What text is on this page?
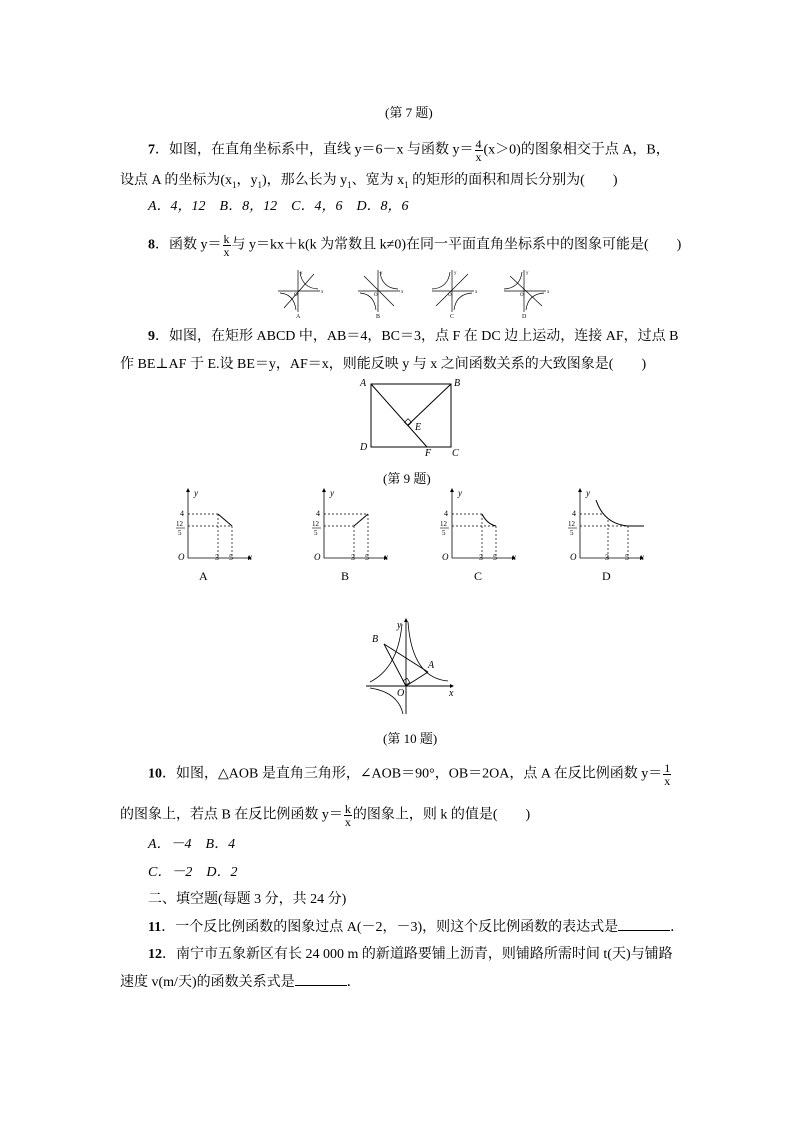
(第 7 题)
7．如图，在直角坐标系中，直线 y＝6－x 与函数 $y= \frac{4}{x} (x>0)$的图象相交于点 A，B，
设点 A 的坐标为($x_1$，$y_1$)，那么长为 $y_1$、宽为 $x_1$ 的矩形的面积和周长分别为(　　)
A．4，12　B．8，12　C．4，6　D．8，6
8．函数 $y= \frac{k}{x}$ 与 y＝kx＋k(k 为常数且 k≠0)在同一平面直角坐标系中的图象可能是(　　)
y
x
O
A
y
x
O
B
y
x
O
C
y
x
O
D
9．如图，在矩形 ABCD 中，AB＝4，BC＝3，点 F 在 DC 边上运动，连接 AF，过点 B
作 BE⊥AF 于 E.设 BE＝y，AF＝x，则能反映 y 与 x 之间函数关系的大致图象是(　　)
A	B
D
C
E
F
(第 9 题)
y
x
O
4
12
5
3 5
A
y
x
O
4
12
5
3 5
B
y
x
O
4
12
5
3 5
C
y
x
O
4
12
5
3 5
D
B
A
O	x
y
(第 10 题)
10．如图，△AOB 是直角三角形，∠AOB＝90°，OB＝2OA，点 A 在反比例函数 $y= \frac{1}{x}$
的图象上，若点 B 在反比例函数 $y= \frac{k}{x}$ 的图象上，则 k 的值是(　　)
A．－4　B．4
C．－2　D．2
二、填空题(每题 3 分，共 24 分)
11．一个反比例函数的图象过点 A(－2，－3)，则这个反比例函数的表达式是	．
12．南宁市五象新区有长 24 000 m 的新道路要铺上沥青，则铺路所需时间 t(天)与铺路
速度 v(m/天)的函数关系式是	．
